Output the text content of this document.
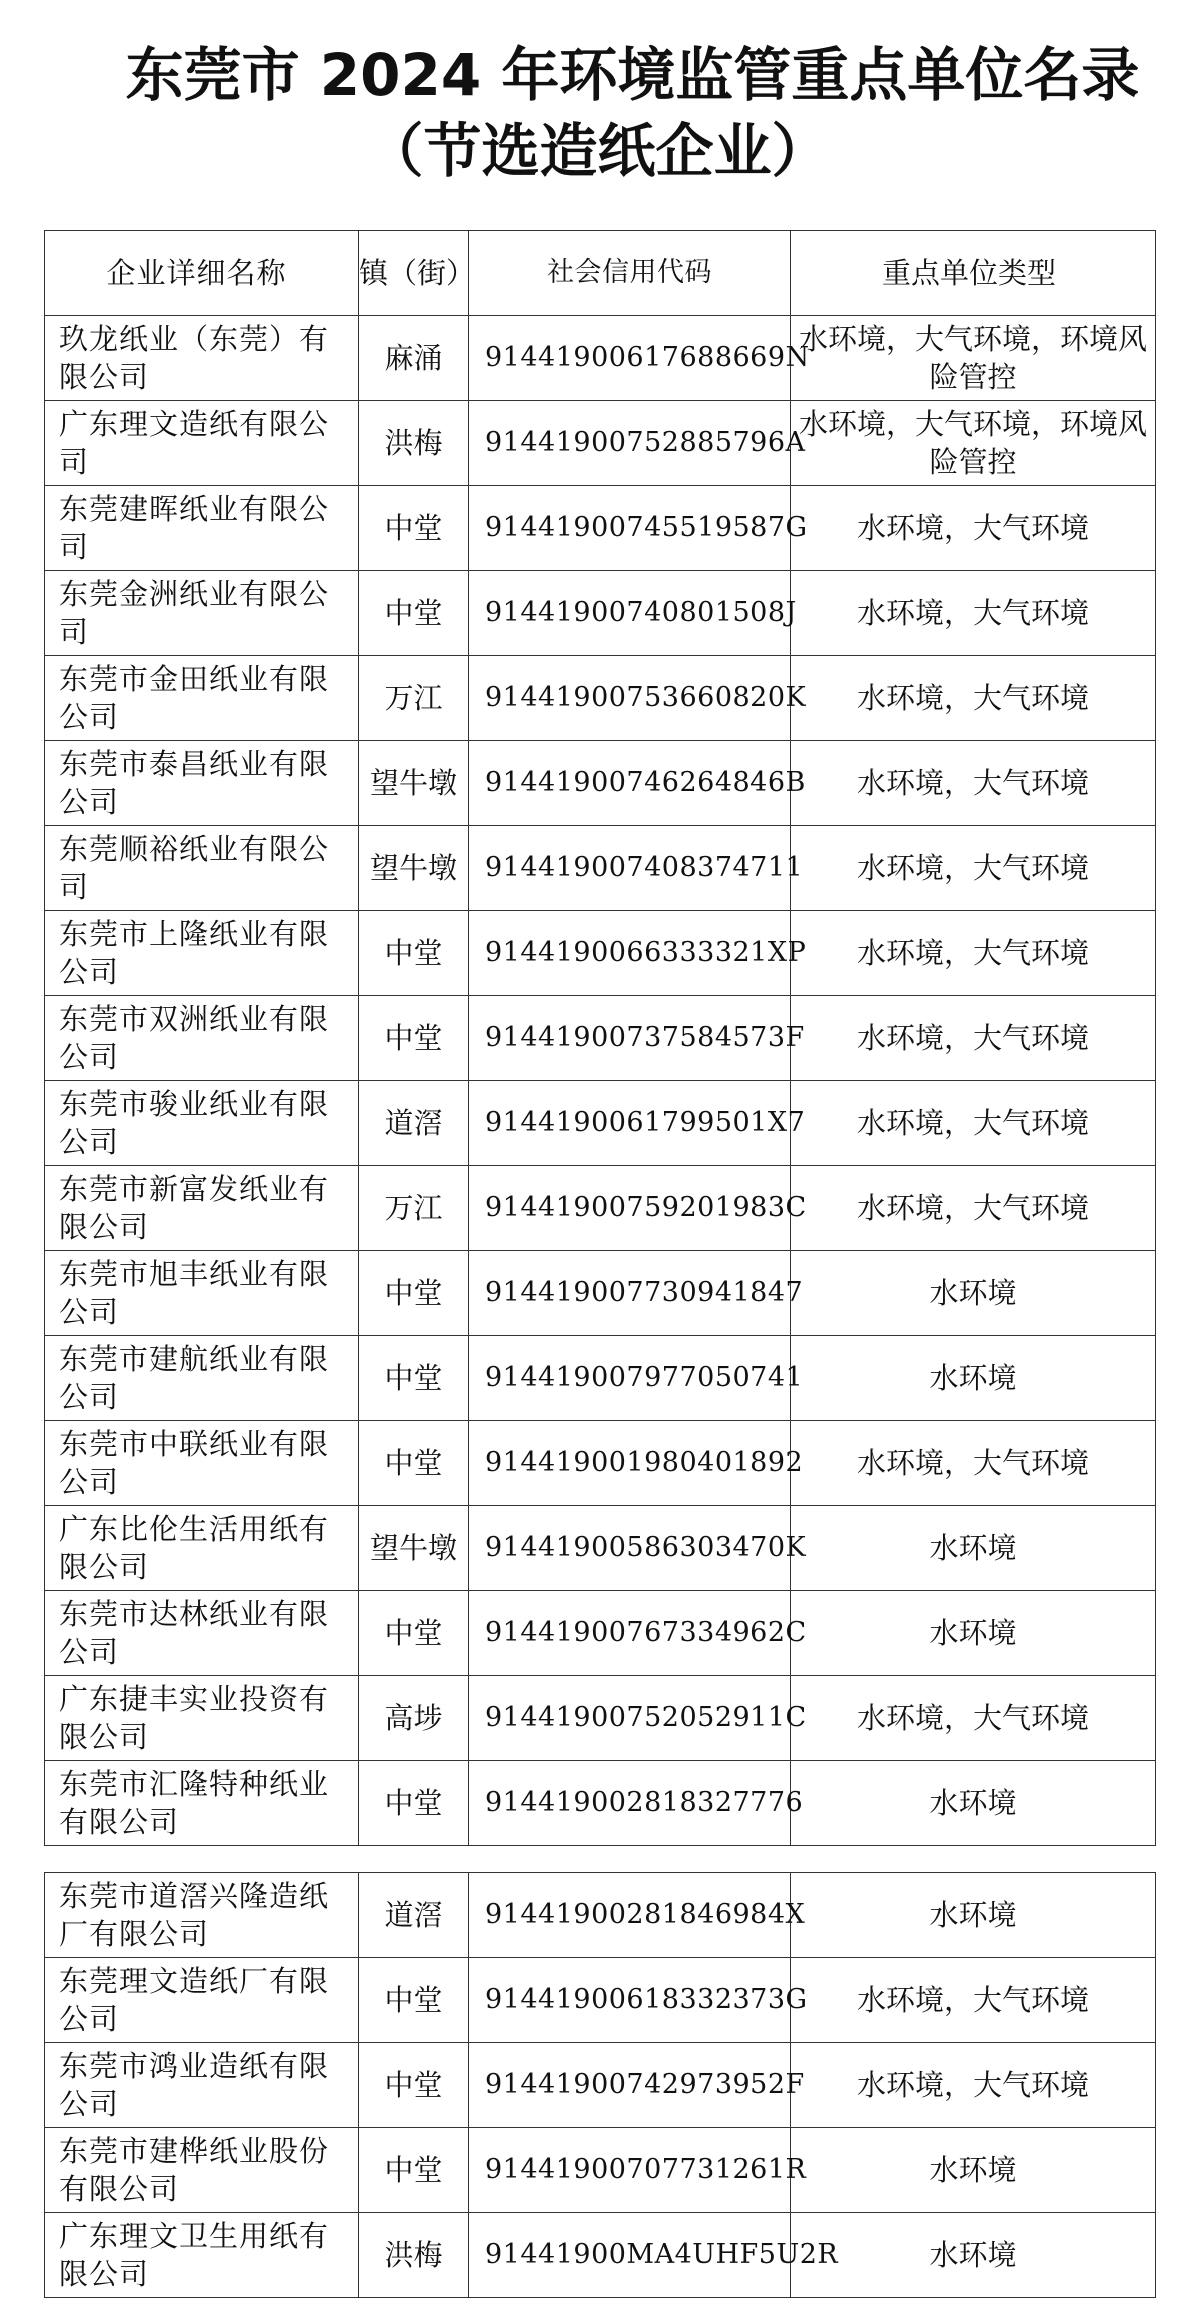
东莞市 2024 年环境监管重点单位名录
（节选造纸企业）
企业详细名称	镇（街）	社会信用代码	重点单位类型
玖龙纸业（东莞）有限公司	麻涌	91441900617688669N	水环境，大气环境，环境风险管控
广东理文造纸有限公司	洪梅	91441900752885796A	水环境，大气环境，环境风险管控
东莞建晖纸业有限公司	中堂	91441900745519587G	水环境，大气环境
东莞金洲纸业有限公司	中堂	91441900740801508J	水环境，大气环境
东莞市金田纸业有限公司	万江	91441900753660820K	水环境，大气环境
东莞市泰昌纸业有限公司	望牛墩	91441900746264846B	水环境，大气环境
东莞顺裕纸业有限公司	望牛墩	914419007408374711	水环境，大气环境
东莞市上隆纸业有限公司	中堂	9144190066333321XP	水环境，大气环境
东莞市双洲纸业有限公司	中堂	91441900737584573F	水环境，大气环境
东莞市骏业纸业有限公司	道滘	9144190061799501X7	水环境，大气环境
东莞市新富发纸业有限公司	万江	91441900759201983C	水环境，大气环境
东莞市旭丰纸业有限公司	中堂	914419007730941847	水环境
东莞市建航纸业有限公司	中堂	914419007977050741	水环境
东莞市中联纸业有限公司	中堂	914419001980401892	水环境，大气环境
广东比伦生活用纸有限公司	望牛墩	91441900586303470K	水环境
东莞市达林纸业有限公司	中堂	91441900767334962C	水环境
广东捷丰实业投资有限公司	高埗	91441900752052911C	水环境，大气环境
东莞市汇隆特种纸业有限公司	中堂	914419002818327776	水环境
东莞市道滘兴隆造纸厂有限公司	道滘	91441900281846984X	水环境
东莞理文造纸厂有限公司	中堂	91441900618332373G	水环境，大气环境
东莞市鸿业造纸有限公司	中堂	91441900742973952F	水环境，大气环境
东莞市建桦纸业股份有限公司	中堂	91441900707731261R	水环境
广东理文卫生用纸有限公司	洪梅	91441900MA4UHF5U2R	水环境
